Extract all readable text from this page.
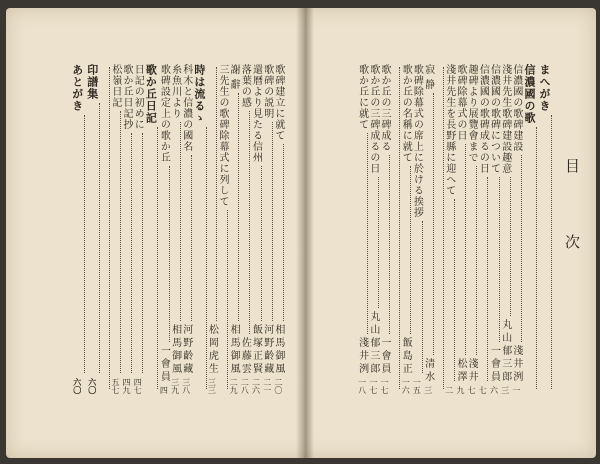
目 次
まへがき
信濃國の歌
信濃國の歌碑建設
淺井洌
一
淺井先生歌碑建設趣意
丸山郁三郎
三
信濃國の歌碑について
一會員
六
信濃國の歌碑成るの日
七
趣碑より展覽會まで
淺井
七
歌碑除幕式の日
松澤
九
淺井先生を長野縣に迎へて
二
寂 静
清水
三
歌碑除幕式の席上に於ける挨拶
一五
歌か丘の名稱に就て
飯島正
一六
歌か丘の三碑成る
一會員
一七
歌か丘の三碑成るの日
丸山郁三郎
一七
歌か丘に就て
淺井洌
一八
歌碑建立に就て
相馬御風
二〇
歌碑の説明
河野齡藏
二一
還曆より見たる信州
飯塚正賢
二六
落葉の感
佐藤雲
二八
謝 辭
相馬御風
二九
三先生の歌碑除幕式に列して
松岡虎生
三三
時は流るゝ
科木と信濃の國名
河野齡藏
三八
糸魚川より
相馬御風
三九
歌碑設定上の歌か丘
一會員
四
歌か丘日記
日記の初めに
四七
歌か丘日記抄
四九
松嶺日記
五七
印譜集
六〇
あとがき
六〇
